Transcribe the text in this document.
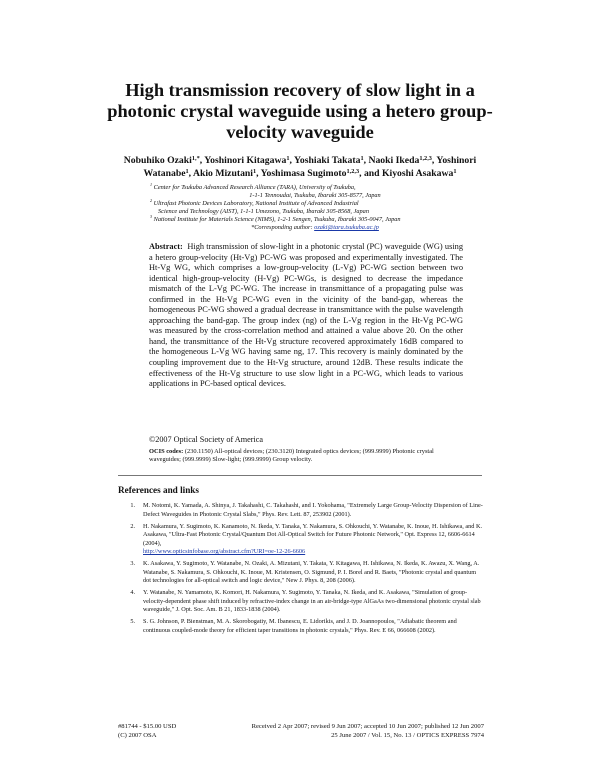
High transmission recovery of slow light in a photonic crystal waveguide using a hetero group-velocity waveguide
Nobuhiko Ozaki$^{1,*}$, Yoshinori Kitagawa$^1$, Yoshiaki Takata$^1$, Naoki Ikeda$^{1,2,3}$, Yoshinori Watanabe$^1$, Akio Mizutani$^1$, Yoshimasa Sugimoto$^{1,2,3}$, and Kiyoshi Asakawa$^1$
$^1$ Center for Tsukuba Advanced Research Alliance (TARA), University of Tsukuba,
1-1-1 Tennoudai, Tsukuba, Ibaraki 305-8577, Japan
$^2$ Ultrafast Photonic Devices Laboratory, National Institute of Advanced Industrial
Science and Technology (AIST), 1-1-1 Umezono, Tsukuba, Ibaraki 305-8568, Japan
$^3$ National Institute for Materials Science (NIMS), 1-2-1 Sengen, Tsukuba, Ibaraki 305-0047, Japan
*Corresponding author: ozaki@tara.tsukuba.ac.jp
Abstract: High transmission of slow-light in a photonic crystal (PC) waveguide (WG) using a hetero group-velocity (Ht-Vg) PC-WG was proposed and experimentally investigated. The Ht-Vg WG, which comprises a low-group-velocity (L-Vg) PC-WG section between two identical high-group-velocity (H-Vg) PC-WGs, is designed to decrease the impedance mismatch of the L-Vg PC-WG. The increase in transmittance of a propagating pulse was confirmed in the Ht-Vg PC-WG even in the vicinity of the band-gap, whereas the homogeneous PC-WG showed a gradual decrease in transmittance with the pulse wavelength approaching the band-gap. The group index (ng) of the L-Vg region in the Ht-Vg PC-WG was measured by the cross-correlation method and attained a value above 20. On the other hand, the transmittance of the Ht-Vg structure recovered approximately 16dB compared to the homogeneous L-Vg WG having same ng, 17. This recovery is mainly dominated by the coupling improvement due to the Ht-Vg structure, around 12dB. These results indicate the effectiveness of the Ht-Vg structure to use slow light in a PC-WG, which leads to various applications in PC-based optical devices.
©2007 Optical Society of America
OCIS codes: (230.1150) All-optical devices; (230.3120) Integrated optics devices; (999.9999) Photonic crystal waveguides; (999.9999) Slow-light; (999.9999) Group velocity.
References and links
1.	M. Notomi, K. Yamada, A. Shinya, J. Takahashi, C. Takahashi, and I. Yokohama, "Extremely Large Group-Velocity Dispersion of Line-Defect Waveguides in Photonic Crystal Slabs," Phys. Rev. Lett. 87, 253902 (2001).
2.	H. Nakamura, Y. Sugimoto, K. Kanamoto, N. Ikeda, Y. Tanaka, Y. Nakamura, S. Ohkouchi, Y. Watanabe, K. Inoue, H. Ishikawa, and K. Asakawa, "Ultra-Fast Photonic Crystal/Quantum Dot All-Optical Switch for Future Photonic Network," Opt. Express 12, 6606-6614 (2004),
http://www.opticsinfobase.org/abstract.cfm?URI=oe-12-26-6606
3.	K. Asakawa, Y. Sugimoto, Y. Watanabe, N. Ozaki, A. Mizutani, Y. Takata, Y. Kitagawa, H. Ishikawa, N. Ikeda, K. Awazu, X. Wang, A. Watanabe, S. Nakamura, S. Ohkouchi, K. Inoue, M. Kristensen, O. Sigmund, P. I. Borel and R. Baets, "Photonic crystal and quantum dot technologies for all-optical switch and logic device," New J. Phys. 8, 208 (2006).
4.	Y. Watanabe, N. Yamamoto, K. Komori, H. Nakamura, Y. Sugimoto, Y. Tanaka, N. Ikeda, and K. Asakawa, "Simulation of group-velocity-dependent phase shift induced by refractive-index change in an air-bridge-type AlGaAs two-dimensional photonic crystal slab waveguide," J. Opt. Soc. Am. B 21, 1833-1838 (2004).
5.	S. G. Johnson, P. Bienstman, M. A. Skorobogatiy, M. Ibanescu, E. Lidorikis, and J. D. Joannopoulos, "Adiabatic theorem and continuous coupled-mode theory for efficient taper transitions in photonic crystals," Phys. Rev. E 66, 066608 (2002).
#81744 - $15.00 USD	Received 2 Apr 2007; revised 9 Jun 2007; accepted 10 Jun 2007; published 12 Jun 2007
(C) 2007 OSA	25 June 2007 / Vol. 15, No. 13 / OPTICS EXPRESS 7974
